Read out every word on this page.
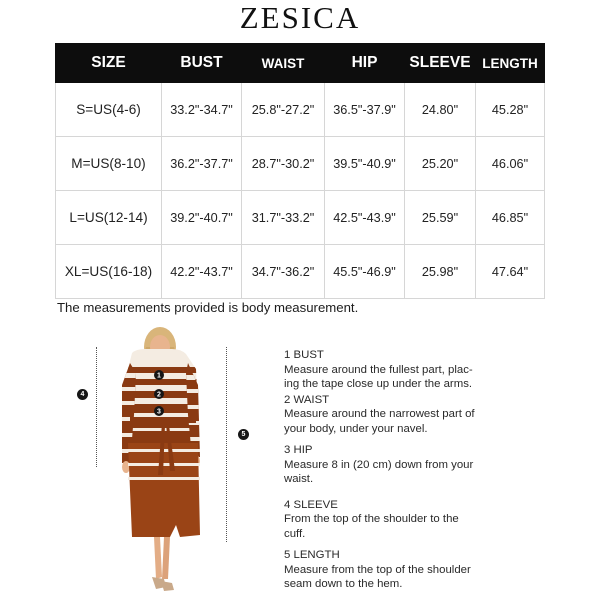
ZESICA
SIZE	BUST	WAIST	HIP	SLEEVE	LENGTH
S=US(4-6)	33.2"-34.7"	25.8"-27.2"	36.5"-37.9"	24.80"	45.28"
M=US(8-10)	36.2"-37.7"	28.7"-30.2"	39.5"-40.9"	25.20"	46.06"
L=US(12-14)	39.2"-40.7"	31.7"-33.2"	42.5"-43.9"	25.59"	46.85"
XL=US(16-18)	42.2"-43.7"	34.7"-36.2"	45.5"-46.9"	25.98"	47.64"
The measurements provided is body measurement.
4
5
1
2
3
1 BUST
Measure around the fullest part, plac-
ing the tape close up under the arms.
2 WAIST
Measure around the narrowest part of
your body, under your navel.
3 HIP
Measure 8 in (20 cm) down from your
waist.
4 SLEEVE
From the top of the shoulder to the
cuff.
5 LENGTH
Measure from the top of the shoulder
seam down to the hem.
